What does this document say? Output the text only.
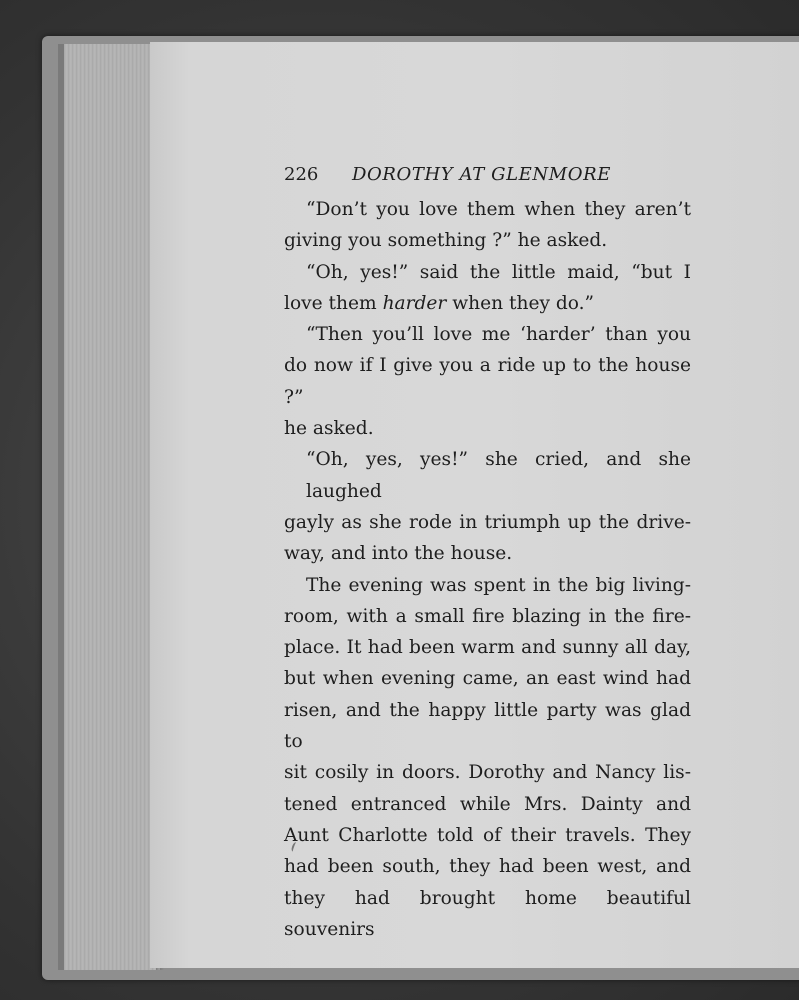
226 DOROTHY AT GLENMORE

“Don’t you love them when they aren’t
giving you something ?” he asked.

“Oh, yes!” said the little maid, “but I
love them harder when they do.”

“Then you’ll love me ‘harder’ than you
do now if I give you a ride up to the house ?”
he asked.

“Oh, yes, yes!” she cried, and she laughed
gayly as she rode in triumph up the drive-
way, and into the house.

The evening was spent in the big living-
room, with a small fire blazing in the fire-
place. It had been warm and sunny all day,
but when evening came, an east wind had
risen, and the happy little party was glad to
sit cosily in doors. Dorothy and Nancy lis-
tened entranced while Mrs. Dainty and
Aunt Charlotte told of their travels. They
had been south, they had been west, and
they had brought home beautiful souvenirs
